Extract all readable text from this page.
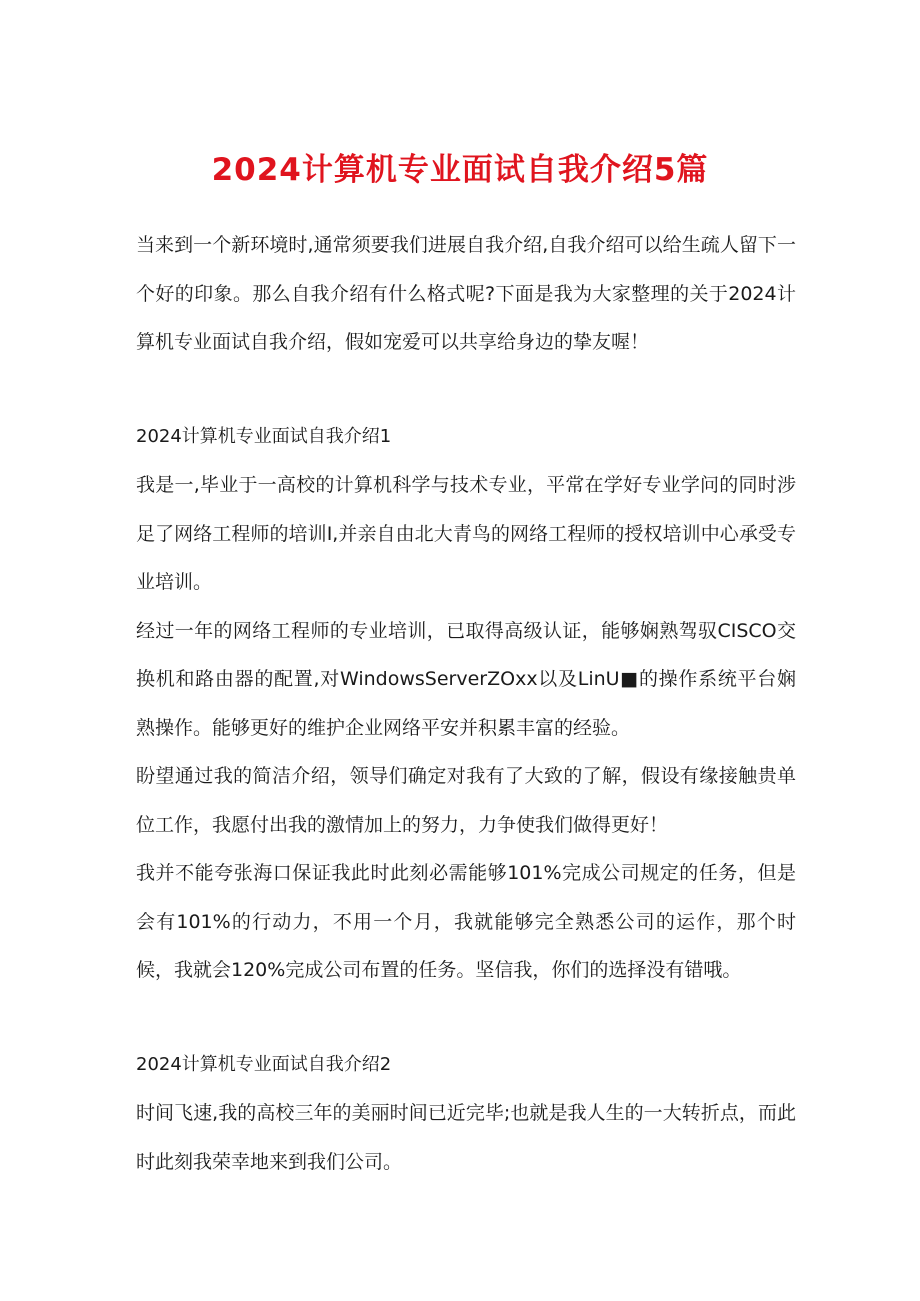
2024计算机专业面试自我介绍5篇

当来到一个新环境时,通常须要我们进展自我介绍,自我介绍可以给生疏人留下一个好的印象。那么自我介绍有什么格式呢?下面是我为大家整理的关于2024计算机专业面试自我介绍，假如宠爱可以共享给身边的挚友喔！

2024计算机专业面试自我介绍1

我是一,毕业于一高校的计算机科学与技术专业，平常在学好专业学问的同时涉足了网络工程师的培训I,并亲自由北大青鸟的网络工程师的授权培训中心承受专业培训。

经过一年的网络工程师的专业培训，已取得高级认证，能够娴熟驾驭CISCO交换机和路由器的配置,对WindowsServerZOxx以及LinU■的操作系统平台娴熟操作。能够更好的维护企业网络平安并积累丰富的经验。

盼望通过我的简洁介绍，领导们确定对我有了大致的了解，假设有缘接触贵单位工作，我愿付出我的激情加上的努力，力争使我们做得更好！

我并不能夸张海口保证我此时此刻必需能够101%完成公司规定的任务，但是会有101%的行动力，不用一个月，我就能够完全熟悉公司的运作，那个时候，我就会120%完成公司布置的任务。坚信我，你们的选择没有错哦。

2024计算机专业面试自我介绍2

时间飞速,我的高校三年的美丽时间已近完毕;也就是我人生的一大转折点，而此时此刻我荣幸地来到我们公司。
